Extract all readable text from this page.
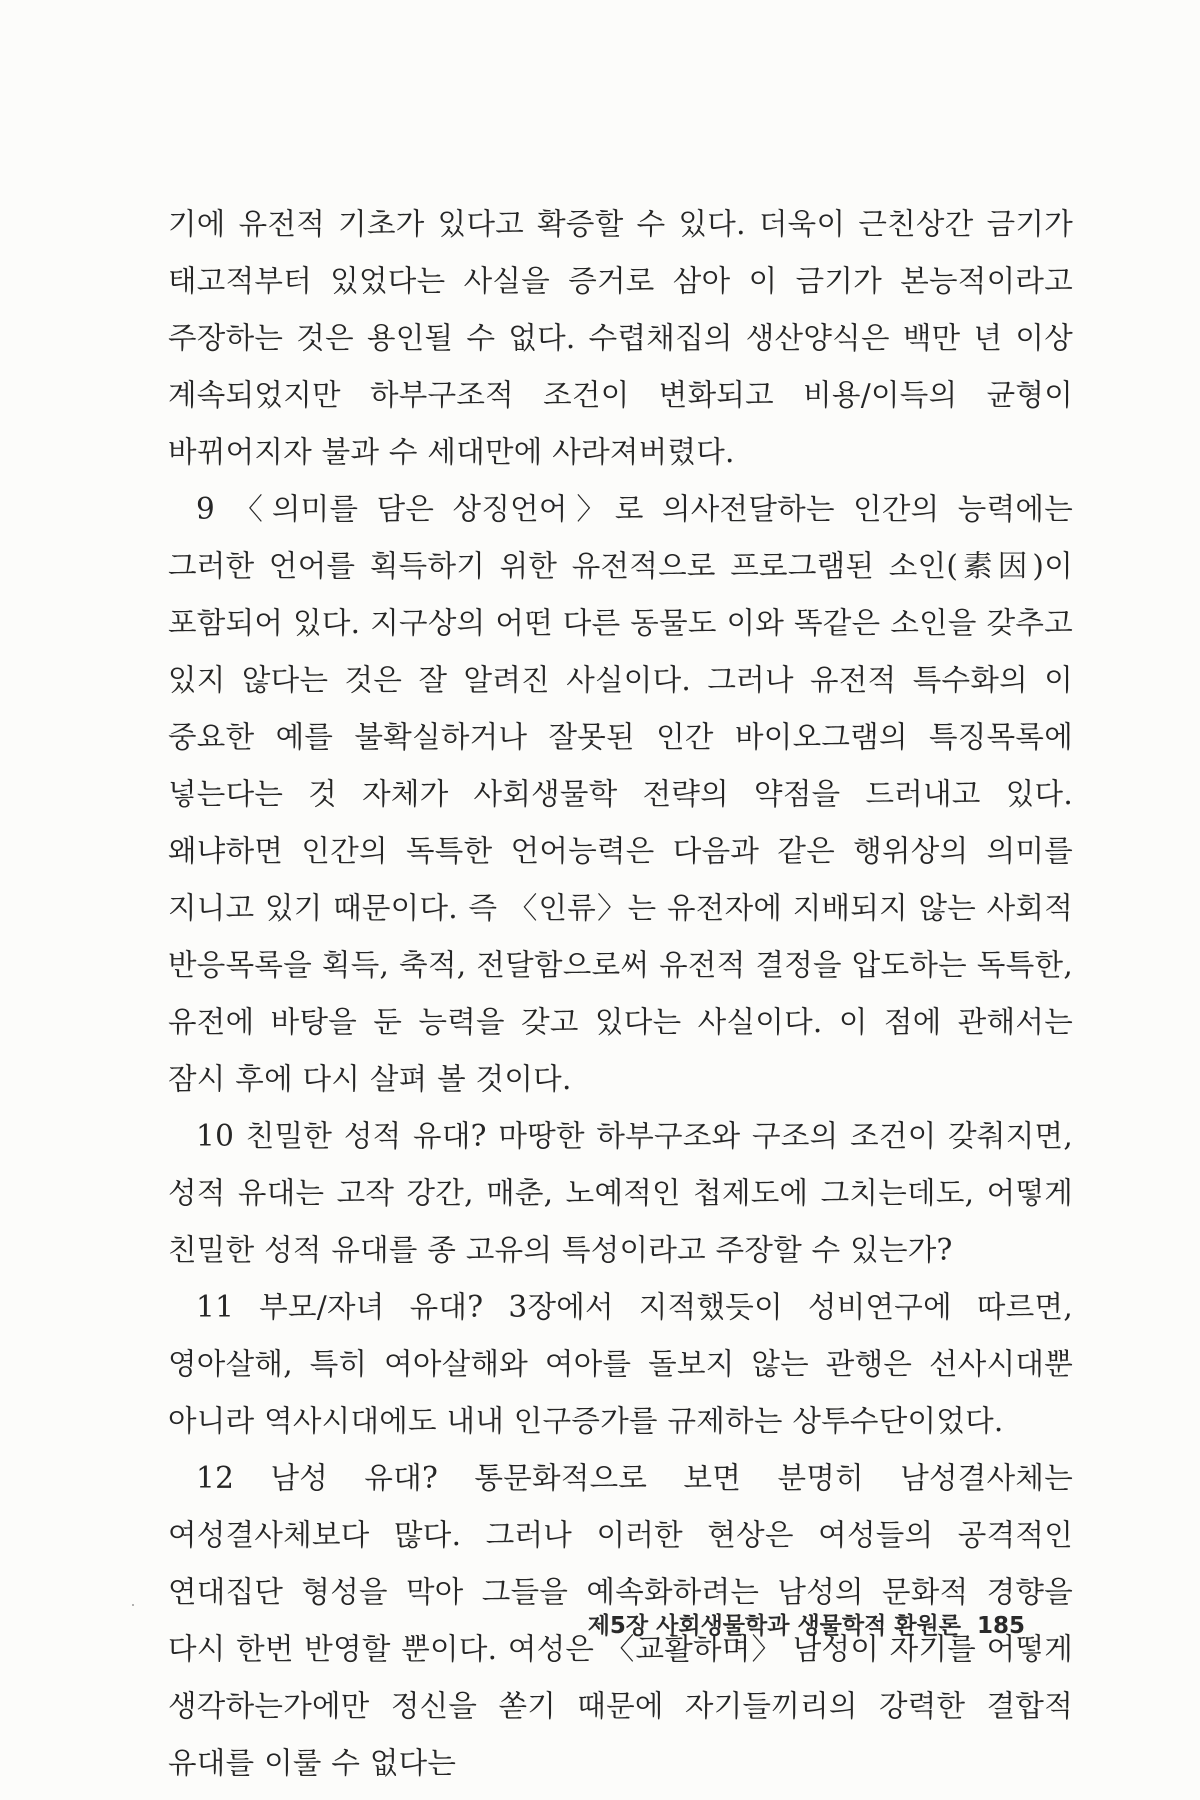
기에 유전적 기초가 있다고 확증할 수 있다. 더욱이 근친상간 금기가 태고적부터 있었다는 사실을 증거로 삼아 이 금기가 본능적이라고 주장하는 것은 용인될 수 없다. 수렵채집의 생산양식은 백만 년 이상 계속되었지만 하부구조적 조건이 변화되고 비용/이득의 균형이 바뀌어지자 불과 수 세대만에 사라져버렸다.

9 〈의미를 담은 상징언어〉로 의사전달하는 인간의 능력에는 그러한 언어를 획득하기 위한 유전적으로 프로그램된 소인(素因)이 포함되어 있다. 지구상의 어떤 다른 동물도 이와 똑같은 소인을 갖추고 있지 않다는 것은 잘 알려진 사실이다. 그러나 유전적 특수화의 이 중요한 예를 불확실하거나 잘못된 인간 바이오그램의 특징목록에 넣는다는 것 자체가 사회생물학 전략의 약점을 드러내고 있다. 왜냐하면 인간의 독특한 언어능력은 다음과 같은 행위상의 의미를 지니고 있기 때문이다. 즉 〈인류〉는 유전자에 지배되지 않는 사회적 반응목록을 획득, 축적, 전달함으로써 유전적 결정을 압도하는 독특한, 유전에 바탕을 둔 능력을 갖고 있다는 사실이다. 이 점에 관해서는 잠시 후에 다시 살펴 볼 것이다.

10 친밀한 성적 유대? 마땅한 하부구조와 구조의 조건이 갖춰지면, 성적 유대는 고작 강간, 매춘, 노예적인 첩제도에 그치는데도, 어떻게 친밀한 성적 유대를 종 고유의 특성이라고 주장할 수 있는가?

11 부모/자녀 유대? 3장에서 지적했듯이 성비연구에 따르면, 영아살해, 특히 여아살해와 여아를 돌보지 않는 관행은 선사시대뿐 아니라 역사시대에도 내내 인구증가를 규제하는 상투수단이었다.

12 남성 유대? 통문화적으로 보면 분명히 남성결사체는 여성결사체보다 많다. 그러나 이러한 현상은 여성들의 공격적인 연대집단 형성을 막아 그들을 예속화하려는 남성의 문화적 경향을 다시 한번 반영할 뿐이다. 여성은 〈교활하며〉 남성이 자기를 어떻게 생각하는가에만 정신을 쏟기 때문에 자기들끼리의 강력한 결합적 유대를 이룰 수 없다는

제5장 사회생물학과 생물학적 환원론 185
